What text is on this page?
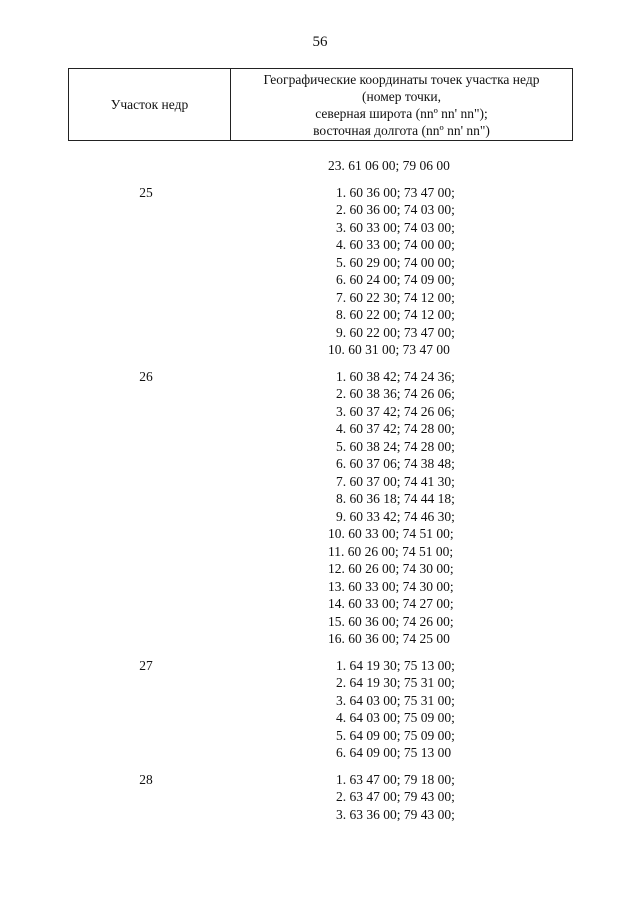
56
Участок недр
Географические координаты точек участка недр
(номер точки,
северная широта (nnº nn' nn");
восточная долгота (nnº nn' nn")
23. 61 06 00; 79 06 00
25	1. 60 36 00; 73 47 00;
2. 60 36 00; 74 03 00;
3. 60 33 00; 74 03 00;
4. 60 33 00; 74 00 00;
5. 60 29 00; 74 00 00;
6. 60 24 00; 74 09 00;
7. 60 22 30; 74 12 00;
8. 60 22 00; 74 12 00;
9. 60 22 00; 73 47 00;
10. 60 31 00; 73 47 00
26	1. 60 38 42; 74 24 36;
2. 60 38 36; 74 26 06;
3. 60 37 42; 74 26 06;
4. 60 37 42; 74 28 00;
5. 60 38 24; 74 28 00;
6. 60 37 06; 74 38 48;
7. 60 37 00; 74 41 30;
8. 60 36 18; 74 44 18;
9. 60 33 42; 74 46 30;
10. 60 33 00; 74 51 00;
11. 60 26 00; 74 51 00;
12. 60 26 00; 74 30 00;
13. 60 33 00; 74 30 00;
14. 60 33 00; 74 27 00;
15. 60 36 00; 74 26 00;
16. 60 36 00; 74 25 00
27	1. 64 19 30; 75 13 00;
2. 64 19 30; 75 31 00;
3. 64 03 00; 75 31 00;
4. 64 03 00; 75 09 00;
5. 64 09 00; 75 09 00;
6. 64 09 00; 75 13 00
28	1. 63 47 00; 79 18 00;
2. 63 47 00; 79 43 00;
3. 63 36 00; 79 43 00;
